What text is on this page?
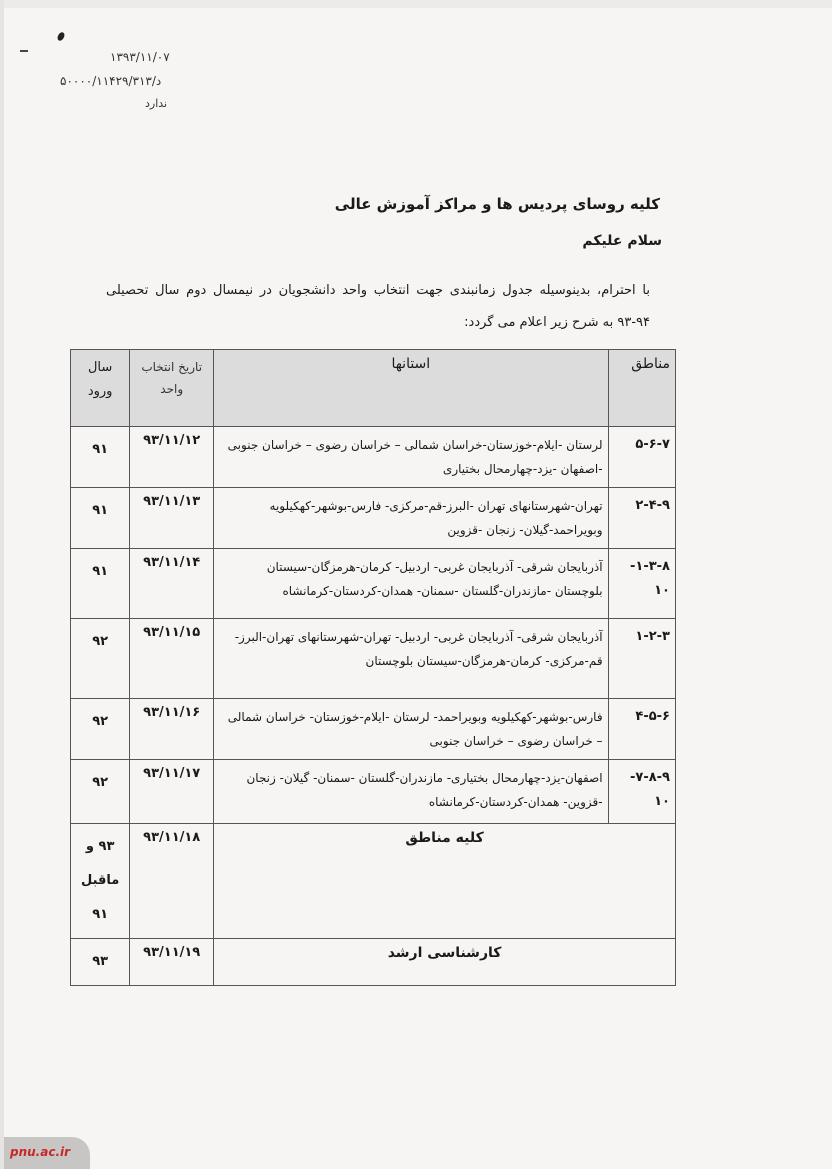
۱۳۹۳/۱۱/۰۷
د/۵۰۰۰۰/۱۱۴۲۹/۳۱۳
ندارد
کلیه روسای پردیس ها و مراکز آموزش عالی
سلام علیکم
با احترام، بدینوسیله جدول زمانبندی جهت انتخاب واحد دانشجویان در نیمسال دوم سال تحصیلی ۹۴-۹۳ به شرح زیر اعلام می گردد:
مناطق	استانها	تاریخ انتخاب واحد	سال ورود
۵-۶-۷	لرستان -ایلام-خوزستان-خراسان شمالی – خراسان رضوی – خراسان جنوبی -اصفهان -یزد-چهارمحال بختیاری	۹۳/۱۱/۱۲	۹۱
۲-۴-۹	تهران-شهرستانهای تهران -البرز-قم-مرکزی- فارس-بوشهر-کهکیلویه وبویراحمد-گیلان- زنجان -قزوین	۹۳/۱۱/۱۳	۹۱
۱-۳-۸- ۱۰	آذربایجان شرقی- آذربایجان غربی- اردبیل- کرمان-هرمزگان-سیستان بلوچستان -مازندران-گلستان -سمنان- همدان-کردستان-کرمانشاه	۹۳/۱۱/۱۴	۹۱
۱-۲-۳	آذربایجان شرقی- آذربایجان غربی- اردبیل- تهران-شهرستانهای تهران-البرز-قم-مرکزی- کرمان-هرمزگان-سیستان بلوچستان	۹۳/۱۱/۱۵	۹۲
۴-۵-۶	فارس-بوشهر-کهکیلویه وبویراحمد- لرستان -ایلام-خوزستان- خراسان شمالی – خراسان رضوی – خراسان جنوبی	۹۳/۱۱/۱۶	۹۲
۷-۸-۹- ۱۰	اصفهان-یزد-چهارمحال بختیاری- مازندران-گلستان -سمنان- گیلان- زنجان -قزوین- همدان-کردستان-کرمانشاه	۹۳/۱۱/۱۷	۹۲
کلیه مناطق		۹۳/۱۱/۱۸	۹۳ و ماقبل ۹۱
کارشناسی ارشد		۹۳/۱۱/۱۹	۹۳
pnu.ac.ir
